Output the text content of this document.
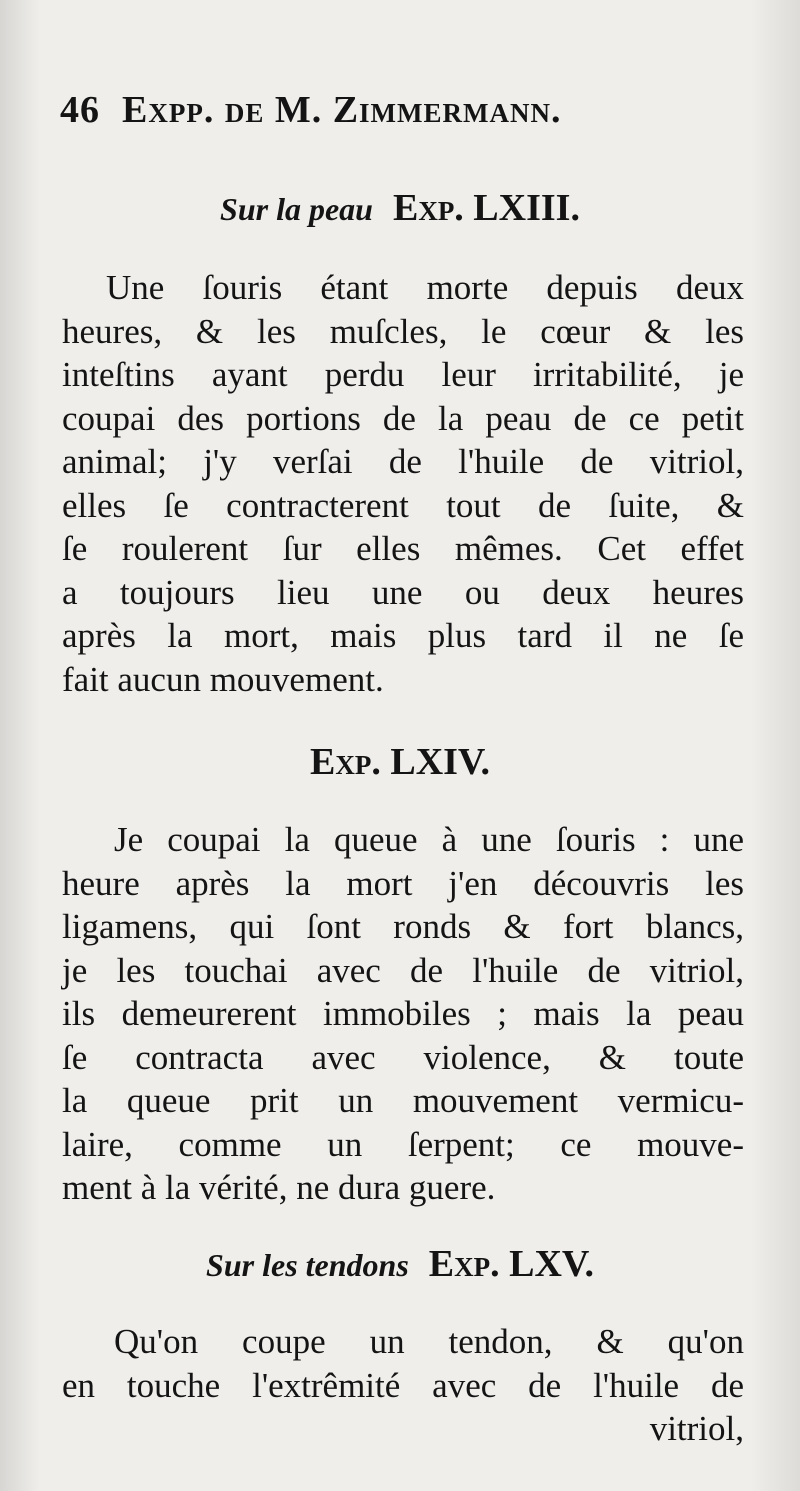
46 Expp. de M. Zimmermann.
Sur la peau Exp. LXIII.
Une ſouris étant morte depuis deux
heures, & les muſcles, le cœur & les
inteſtins ayant perdu leur irritabilité, je
coupai des portions de la peau de ce petit
animal; j'y verſai de l'huile de vitriol,
elles ſe contracterent tout de ſuite, &
ſe roulerent ſur elles mêmes. Cet effet
a toujours lieu une ou deux heures
après la mort, mais plus tard il ne ſe
fait aucun mouvement.
Exp. LXIV.
Je coupai la queue à une ſouris : une
heure après la mort j'en découvris les
ligamens, qui ſont ronds & fort blancs,
je les touchai avec de l'huile de vitriol,
ils demeurerent immobiles ; mais la peau
ſe contracta avec violence, & toute
la queue prit un mouvement vermicu-
laire, comme un ſerpent; ce mouve-
ment à la vérité, ne dura guere.
Sur les tendons Exp. LXV.
Qu'on coupe un tendon, & qu'on
en touche l'extrêmité avec de l'huile de
vitriol,
